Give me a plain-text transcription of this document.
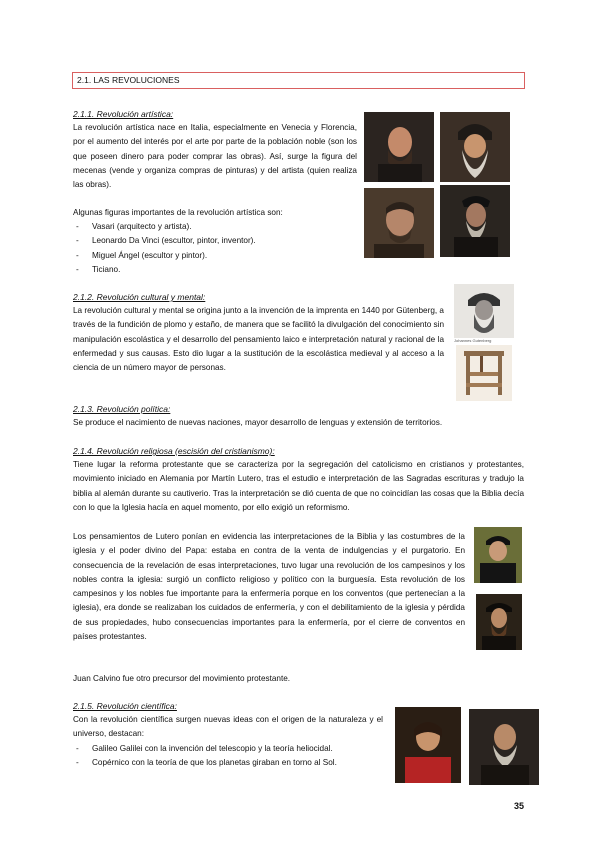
2.1. LAS REVOLUCIONES
2.1.1. Revolución artística:
La revolución artística nace en Italia, especialmente en Venecia y Florencia, por el aumento del interés por el arte por parte de la población noble (son los que poseen dinero para poder comprar las obras). Así, surge la figura del mecenas (vende y organiza compras de pinturas) y del artista (quien realiza las obras).
Algunas figuras importantes de la revolución artística son:
- Vasari (arquitecto y artista).
- Leonardo Da Vinci (escultor, pintor, inventor).
- Miguel Ángel (escultor y pintor).
- Ticiano.
2.1.2. Revolución cultural y mental:
La revolución cultural y mental se origina junto a la invención de la imprenta en 1440 por Gütenberg, a través de la fundición de plomo y estaño, de manera que se facilitó la divulgación del conocimiento sin manipulación escolástica y el desarrollo del pensamiento laico e interpretación natural y racional de la enfermedad y sus causas. Esto dio lugar a la sustitución de la escolástica medieval y al acceso a la ciencia de un número mayor de personas.
Johannes Gutenberg
2.1.3. Revolución política:
Se produce el nacimiento de nuevas naciones, mayor desarrollo de lenguas y extensión de territorios.
2.1.4. Revolución religiosa (escisión del cristianismo):
Tiene lugar la reforma protestante que se caracteriza por la segregación del catolicismo en cristianos y protestantes, movimiento iniciado en Alemania por Martín Lutero, tras el estudio e interpretación de las Sagradas escrituras y tradujo la biblia al alemán durante su cautiverio. Tras la interpretación se dió cuenta de que no coincidían las cosas que la Biblia decía con lo que la Iglesia hacía en aquel momento, por ello exigió un reformismo.
Los pensamientos de Lutero ponían en evidencia las interpretaciones de la Biblia y las costumbres de la iglesia y el poder divino del Papa: estaba en contra de la venta de indulgencias y el purgatorio. En consecuencia de la revelación de esas interpretaciones, tuvo lugar una revolución de los campesinos y los nobles contra la iglesia: surgió un conflicto religioso y político con la burguesía. Esta revolución de los campesinos y los nobles fue importante para la enfermería porque en los conventos (que pertenecían a la iglesia), era donde se realizaban los cuidados de enfermería, y con el debilitamiento de la iglesia y pérdida de sus propiedades, hubo consecuencias importantes para la enfermería, por el cierre de conventos en países protestantes.
Juan Calvino fue otro precursor del movimiento protestante.
2.1.5. Revolución científica:
Con la revolución científica surgen nuevas ideas con el origen de la naturaleza y el universo, destacan:
- Galileo Galilei con la invención del telescopio y la teoría heliocidal.
- Copérnico con la teoría de que los planetas giraban en torno al Sol.
35
